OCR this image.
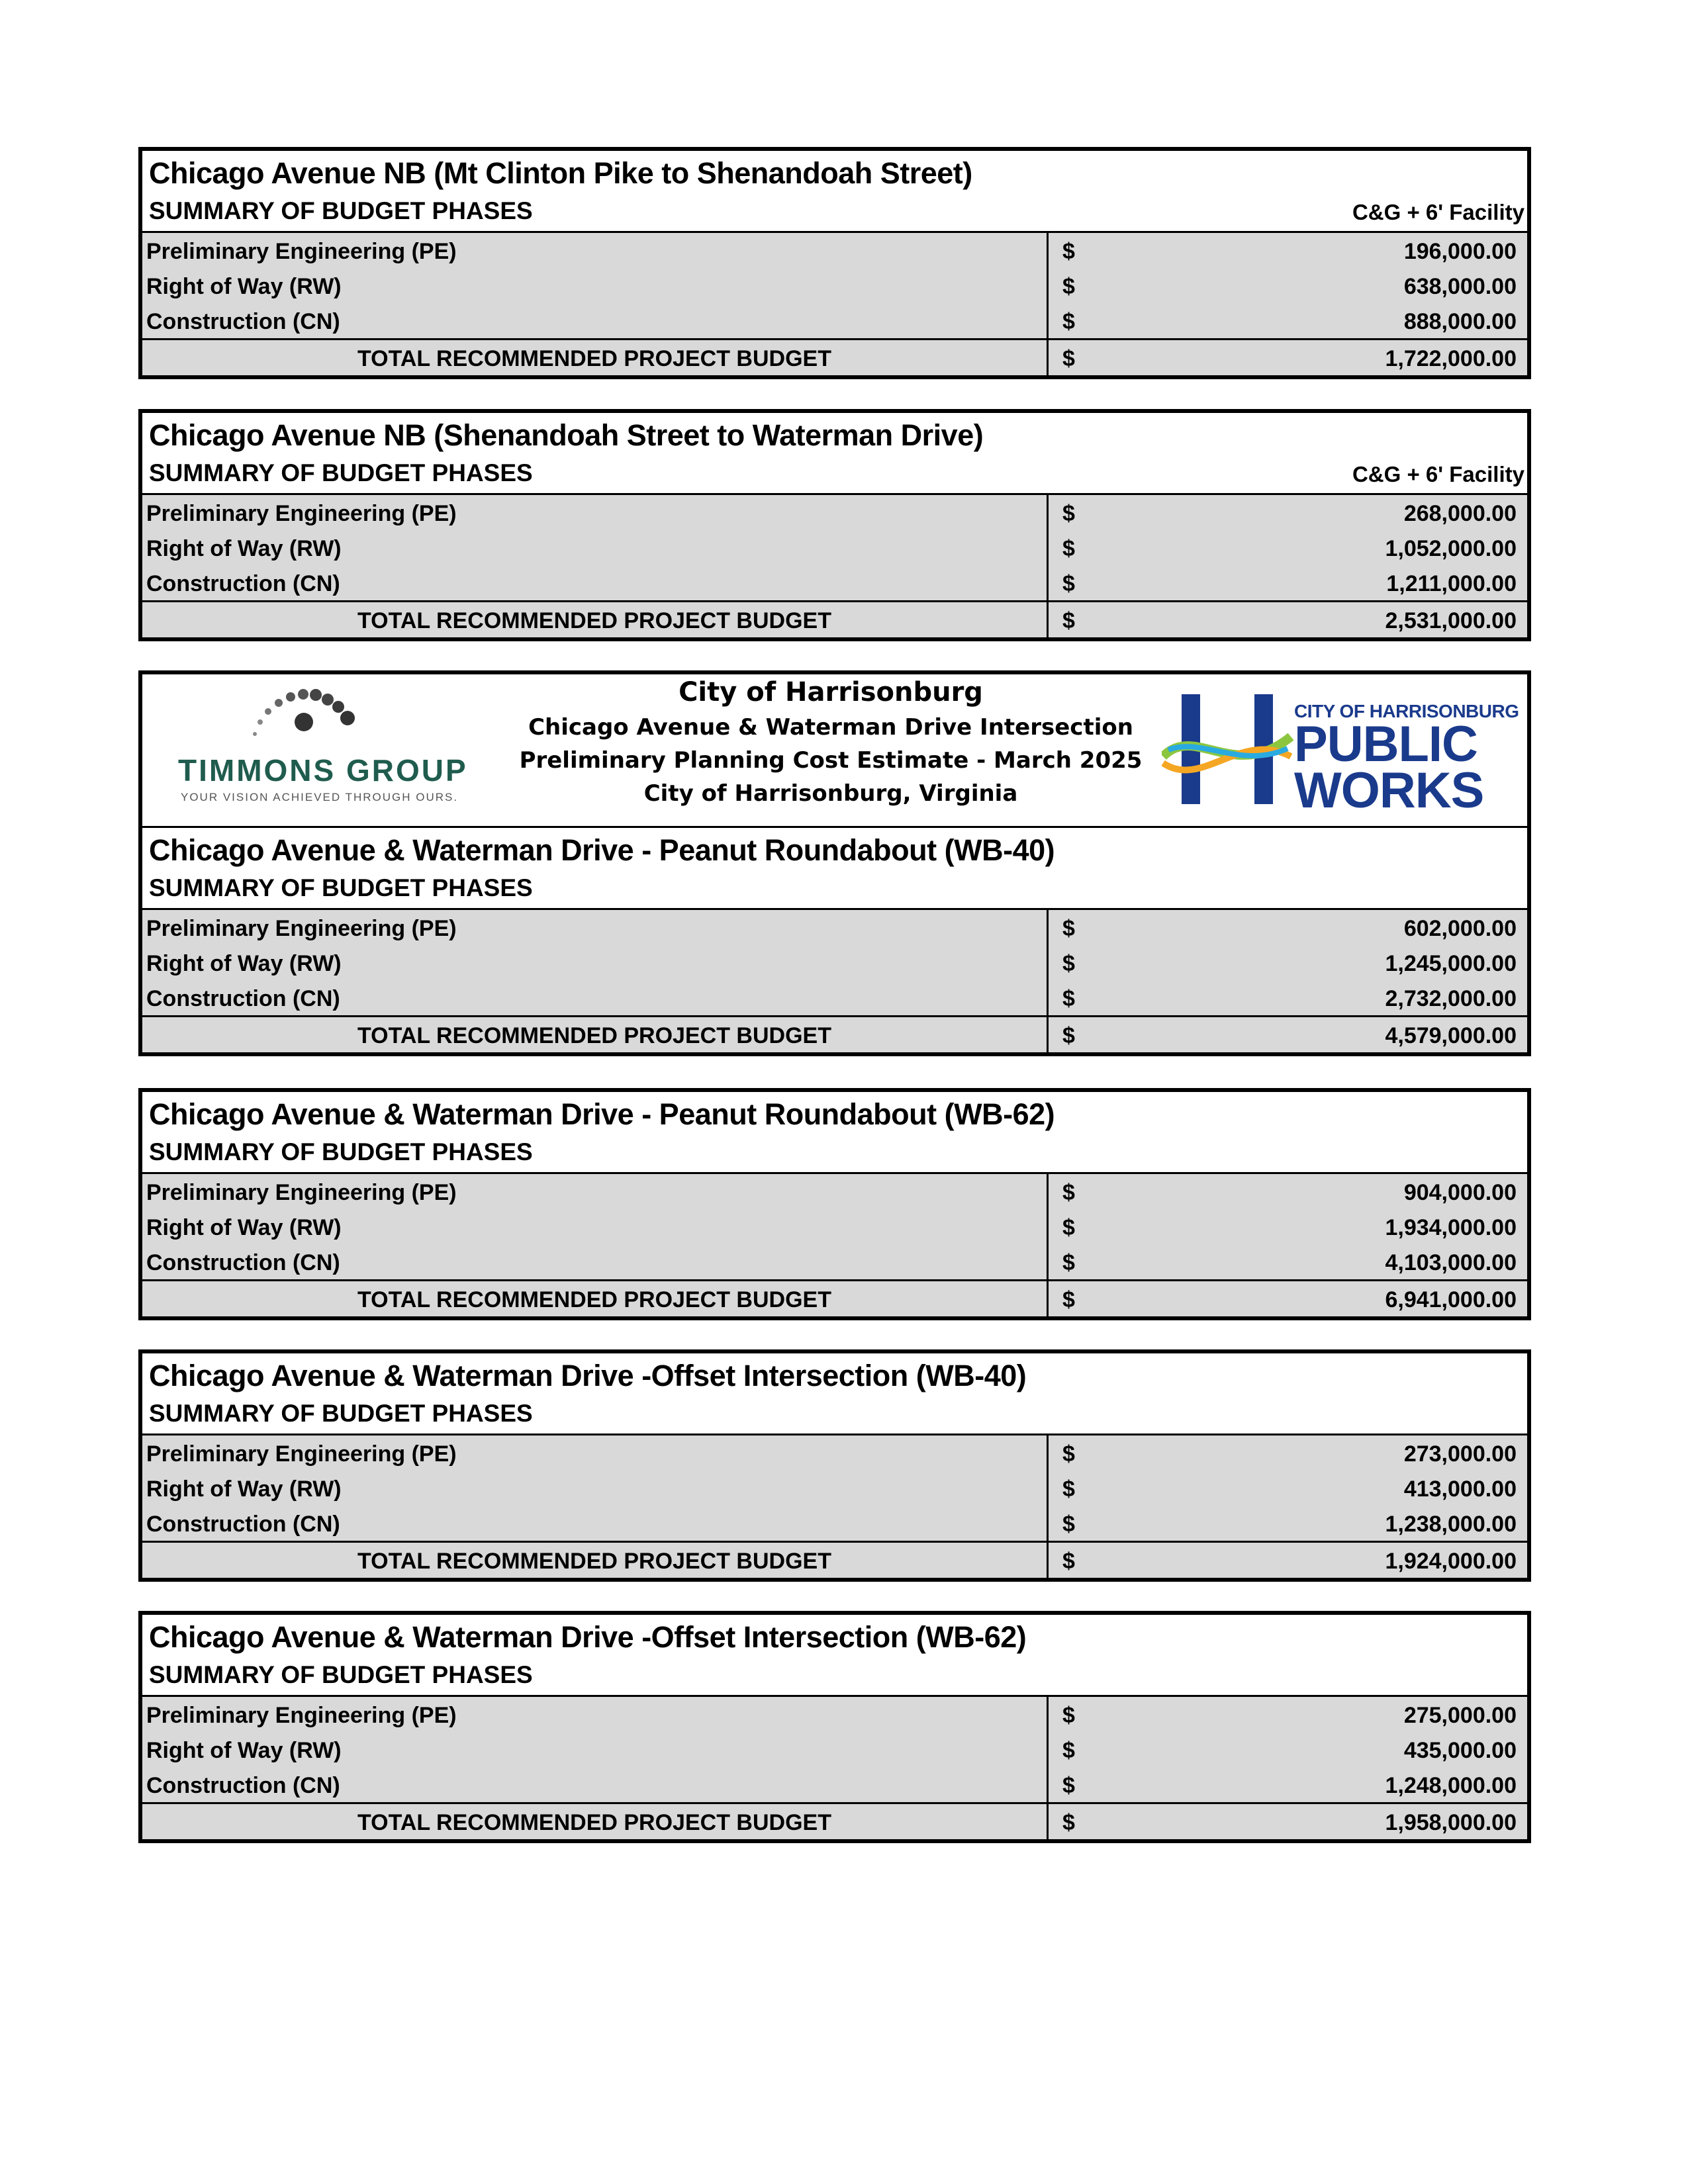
Chicago Avenue NB (Mt Clinton Pike to Shenandoah Street)
SUMMARY OF BUDGET PHASES	C&G + 6' Facility
Preliminary Engineering (PE)	$	196,000.00
Right of Way (RW)	$	638,000.00
Construction (CN)	$	888,000.00
TOTAL RECOMMENDED PROJECT BUDGET	$	1,722,000.00
Chicago Avenue NB (Shenandoah Street to Waterman Drive)
SUMMARY OF BUDGET PHASES	C&G + 6' Facility
Preliminary Engineering (PE)	$	268,000.00
Right of Way (RW)	$	1,052,000.00
Construction (CN)	$	1,211,000.00
TOTAL RECOMMENDED PROJECT BUDGET	$	2,531,000.00
TIMMONS GROUP
YOUR VISION ACHIEVED THROUGH OURS.
City of Harrisonburg
Chicago Avenue & Waterman Drive Intersection
Preliminary Planning Cost Estimate - March 2025
City of Harrisonburg, Virginia
CITY OF HARRISONBURG
PUBLIC
WORKS
Chicago Avenue & Waterman Drive - Peanut Roundabout (WB-40)
SUMMARY OF BUDGET PHASES
Preliminary Engineering (PE)	$	602,000.00
Right of Way (RW)	$	1,245,000.00
Construction (CN)	$	2,732,000.00
TOTAL RECOMMENDED PROJECT BUDGET	$	4,579,000.00
Chicago Avenue & Waterman Drive - Peanut Roundabout (WB-62)
SUMMARY OF BUDGET PHASES
Preliminary Engineering (PE)	$	904,000.00
Right of Way (RW)	$	1,934,000.00
Construction (CN)	$	4,103,000.00
TOTAL RECOMMENDED PROJECT BUDGET	$	6,941,000.00
Chicago Avenue & Waterman Drive -Offset Intersection (WB-40)
SUMMARY OF BUDGET PHASES
Preliminary Engineering (PE)	$	273,000.00
Right of Way (RW)	$	413,000.00
Construction (CN)	$	1,238,000.00
TOTAL RECOMMENDED PROJECT BUDGET	$	1,924,000.00
Chicago Avenue & Waterman Drive -Offset Intersection (WB-62)
SUMMARY OF BUDGET PHASES
Preliminary Engineering (PE)	$	275,000.00
Right of Way (RW)	$	435,000.00
Construction (CN)	$	1,248,000.00
TOTAL RECOMMENDED PROJECT BUDGET	$	1,958,000.00
